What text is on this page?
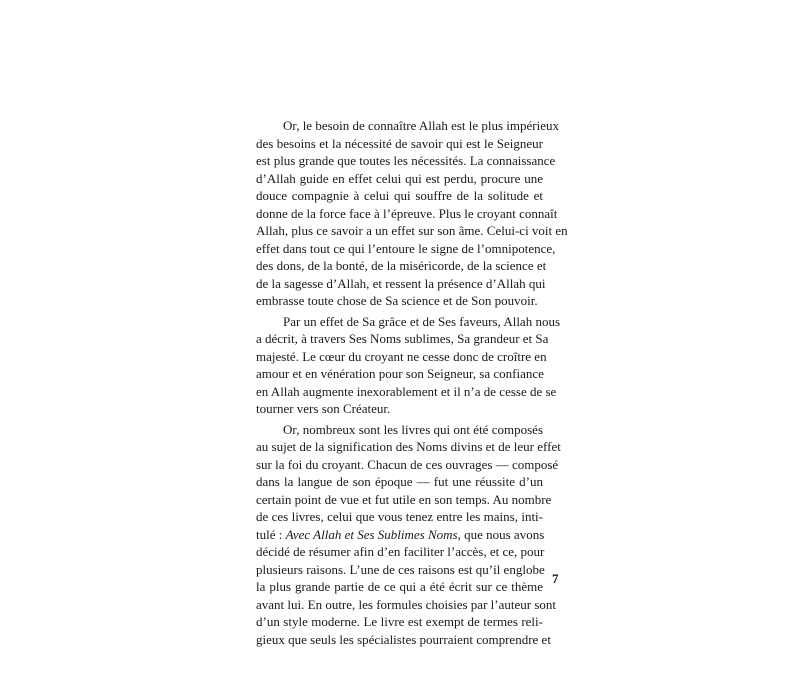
Or, le besoin de connaître Allah est le plus impérieux
des besoins et la nécessité de savoir qui est le Seigneur
est plus grande que toutes les nécessités. La connaissance
d’Allah guide en effet celui qui est perdu, procure une
douce compagnie à celui qui souffre de la solitude et
donne de la force face à l’épreuve. Plus le croyant connaît
Allah, plus ce savoir a un effet sur son âme. Celui-ci voit en
effet dans tout ce qui l’entoure le signe de l’omnipotence,
des dons, de la bonté, de la miséricorde, de la science et
de la sagesse d’Allah, et ressent la présence d’Allah qui
embrasse toute chose de Sa science et de Son pouvoir.
Par un effet de Sa grâce et de Ses faveurs, Allah nous
a décrit, à travers Ses Noms sublimes, Sa grandeur et Sa
majesté. Le cœur du croyant ne cesse donc de croître en
amour et en vénération pour son Seigneur, sa confiance
en Allah augmente inexorablement et il n’a de cesse de se
tourner vers son Créateur.
Or, nombreux sont les livres qui ont été composés
au sujet de la signification des Noms divins et de leur effet
sur la foi du croyant. Chacun de ces ouvrages — composé
dans la langue de son époque — fut une réussite d’un
certain point de vue et fut utile en son temps. Au nombre
de ces livres, celui que vous tenez entre les mains, inti-
tulé : Avec Allah et Ses Sublimes Noms, que nous avons
décidé de résumer afin d’en faciliter l’accès, et ce, pour
plusieurs raisons. L’une de ces raisons est qu’il englobe
la plus grande partie de ce qui a été écrit sur ce thème
avant lui. En outre, les formules choisies par l’auteur sont
d’un style moderne. Le livre est exempt de termes reli-
gieux que seuls les spécialistes pourraient comprendre et
7
